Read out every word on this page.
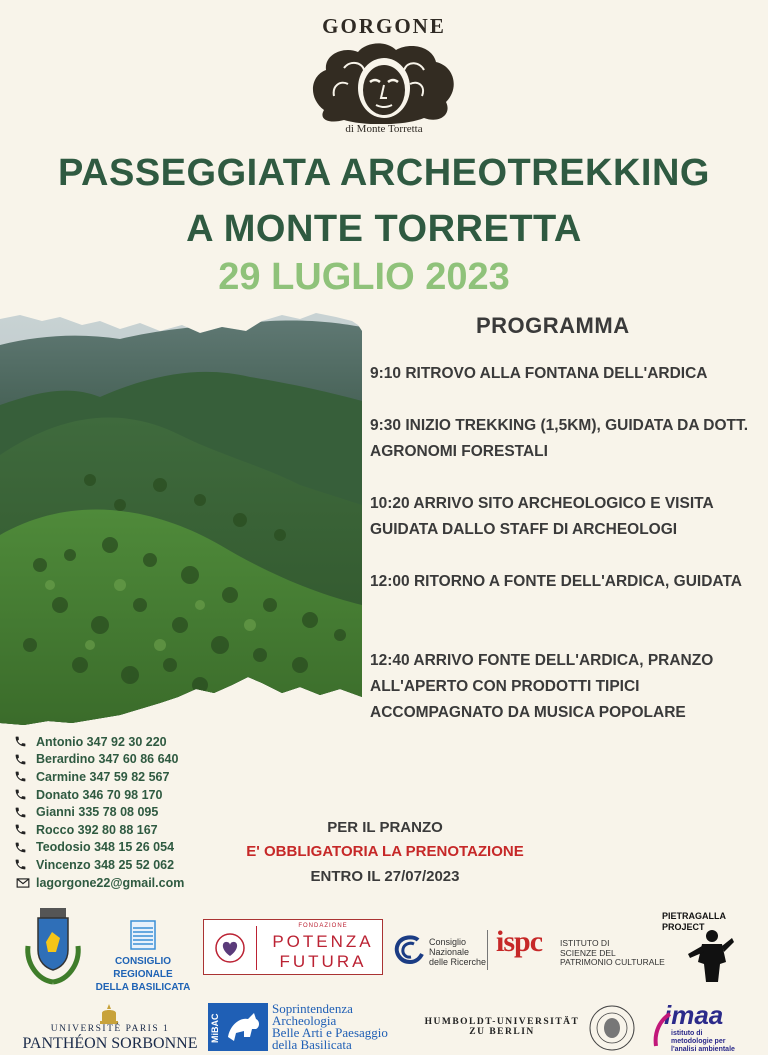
GORGONE
di Monte Torretta
PASSEGGIATA ARCHEOTREKKING
A MONTE TORRETTA
29 LUGLIO 2023
PROGRAMMA
9:10 RITROVO ALLA FONTANA DELL'ARDICA
9:30 INIZIO TREKKING (1,5KM), GUIDATA DA DOTT. AGRONOMI FORESTALI
10:20 ARRIVO SITO ARCHEOLOGICO E VISITA GUIDATA DALLO STAFF DI ARCHEOLOGI
12:00 RITORNO A FONTE DELL'ARDICA, GUIDATA
12:40 ARRIVO FONTE DELL'ARDICA, PRANZO ALL'APERTO CON PRODOTTI TIPICI ACCOMPAGNATO DA MUSICA POPOLARE
Antonio 347 92 30 220
Berardino 347 60 86 640
Carmine 347 59 82 567
Donato 346 70 98 170
Gianni 335 78 08 095
Rocco 392 80 88 167
Teodosio 348 15 26 054
Vincenzo 348 25 52 062
lagorgone22@gmail.com
PER IL PRANZO
E' OBBLIGATORIA LA PRENOTAZIONE
ENTRO IL 27/07/2023
CONSIGLIO REGIONALE
DELLA BASILICATA
FONDAZIONE
POTENZA
FUTURA
Consiglio
Nazionale
delle Ricerche
ispc ISTITUTO DI
SCIENZE DEL
PATRIMONIO CULTURALE
PIETRAGALLA
PROJECT
UNIVERSITÉ PARIS 1
PANTHÉON SORBONNE
MiBAC
Soprintendenza
Archeologia
Belle Arti e Paesaggio
della Basilicata
HUMBOLDT-UNIVERSITÄT
ZU BERLIN
imaa
istituto di
metodologie per
l'analisi ambientale
